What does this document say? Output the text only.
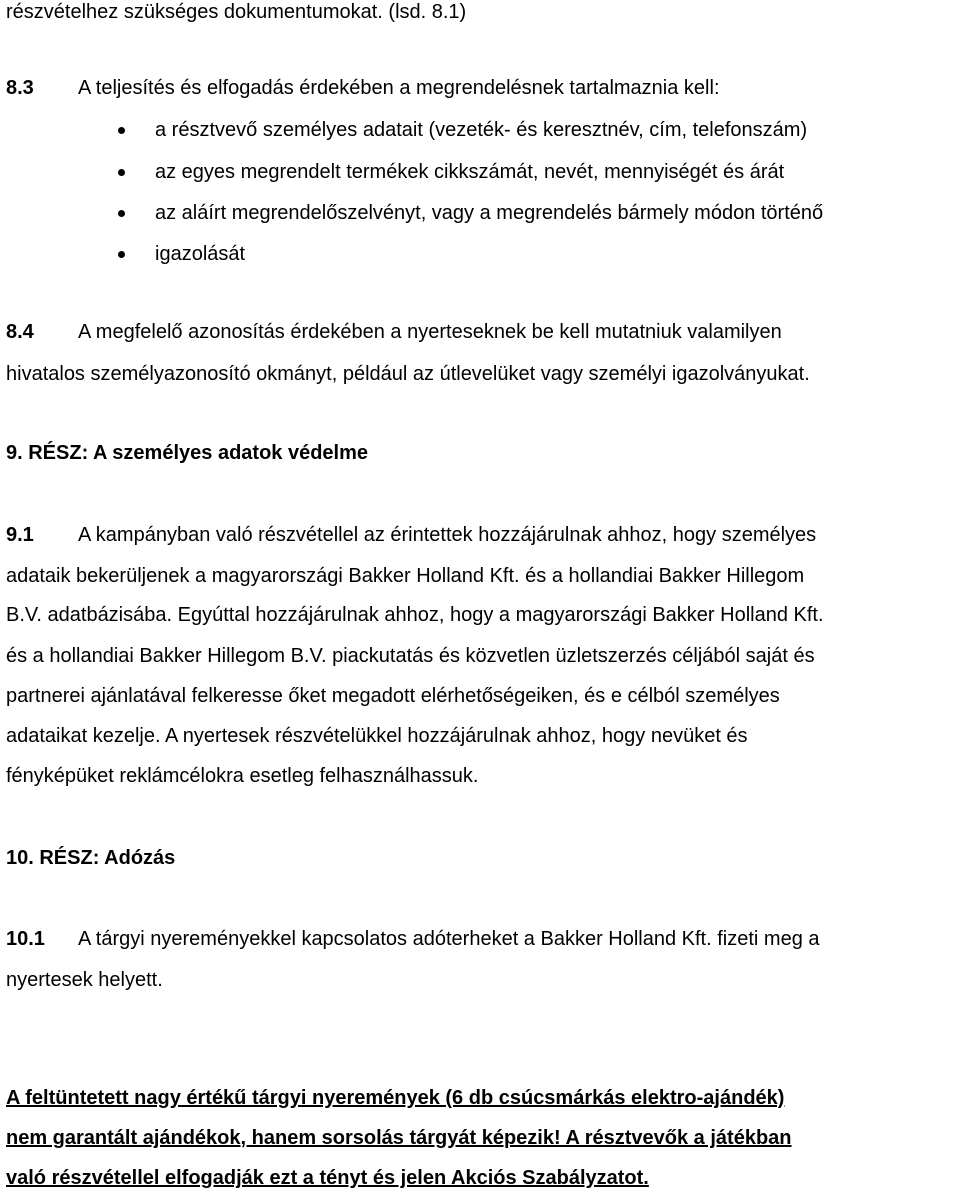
részvételhez szükséges dokumentumokat. (lsd. 8.1)
8.3 A teljesítés és elfogadás érdekében a megrendelésnek tartalmaznia kell:
a résztvevő személyes adatait (vezeték- és keresztnév, cím, telefonszám)
az egyes megrendelt termékek cikkszámát, nevét, mennyiségét és árát
az aláírt megrendelőszelvényt, vagy a megrendelés bármely módon történő
igazolását
8.4 A megfelelő azonosítás érdekében a nyerteseknek be kell mutatniuk valamilyen
hivatalos személyazonosító okmányt, például az útlevelüket vagy személyi igazolványukat.
9. RÉSZ: A személyes adatok védelme
9.1 A kampányban való részvétellel az érintettek hozzájárulnak ahhoz, hogy személyes
adataik bekerüljenek a magyarországi Bakker Holland Kft. és a hollandiai Bakker Hillegom
B.V. adatbázisába. Egyúttal hozzájárulnak ahhoz, hogy a magyarországi Bakker Holland Kft.
és a hollandiai Bakker Hillegom B.V. piackutatás és közvetlen üzletszerzés céljából saját és
partnerei ajánlatával felkeresse őket megadott elérhetőségeiken, és e célból személyes
adataikat kezelje. A nyertesek részvételükkel hozzájárulnak ahhoz, hogy nevüket és
fényképüket reklámcélokra esetleg felhasználhassuk.
10. RÉSZ: Adózás
10.1 A tárgyi nyereményekkel kapcsolatos adóterheket a Bakker Holland Kft. fizeti meg a
nyertesek helyett.
A feltüntetett nagy értékű tárgyi nyeremények (6 db csúcsmárkás elektro-ajándék)
nem garantált ajándékok, hanem sorsolás tárgyát képezik! A résztvevők a játékban
való részvétellel elfogadják ezt a tényt és jelen Akciós Szabályzatot.
